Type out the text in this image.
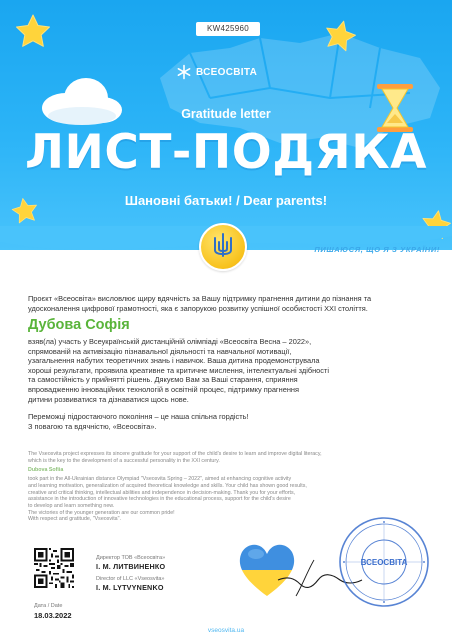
KW425960
ВСЕОСВІТА
Gratitude letter
ЛИСТ-ПОДЯКА
Шановні батьки! / Dear parents!
ПИШАЮСЯ, ЩО Я З УКРАЇНИ!
Проєкт «Всеосвіта» висловлює щиру вдячність за Вашу підтримку прагнення дитини до пізнання та удосконалення цифрової грамотності, яка є запорукою розвитку успішної особистості ХХІ століття.
Дубова Софія
взяв(ла) участь у Всеукраїнській дистанційній олімпіаді «Всеосвіта Весна – 2022»,
спрямованій на активізацію пізнавальної діяльності та навчальної мотивації,
узагальнення набутих теоретичних знань і навичок. Ваша дитина продемонструвала
хороші результати, проявила креативне та критичне мислення, інтелектуальні здібності
та самостійність у прийнятті рішень. Дякуємо Вам за Ваші старання, сприяння
впровадженню інноваційних технологій в освітній процес, підтримку прагнення
дитини розвиватися та дізнаватися щось нове.
Переможці підростаючого покоління – це наша спільна гордість!
З повагою та вдячністю, «Всеосвіта».
The Vseosvita project expresses its sincere gratitude for your support of the child's desire to learn and improve digital literacy,
which is the key to the development of a successful personality in the XXI century.
Dubova Sofiia
took part in the All-Ukrainian distance Olympiad "Vseosvita Spring – 2022", aimed at enhancing cognitive activity
and learning motivation, generalization of acquired theoretical knowledge and skills. Your child has shown good results,
creative and critical thinking, intellectual abilities and independence in decision-making. Thank you for your efforts,
assistance in the introduction of innovative technologies in the educational process, support for the child's desire
to develop and learn something new.
The victories of the younger generation are our common pride!
With respect and gratitude, "Vseosvita".
Дата / Date
18.03.2022
Директор ТОВ «Всеосвіта»
І. М. ЛИТВИНЕНКО
Director of LLC «Vseosvita»
I. M. LYTVYNENKO
ВСЕОСВІТА
vseosvita.ua
